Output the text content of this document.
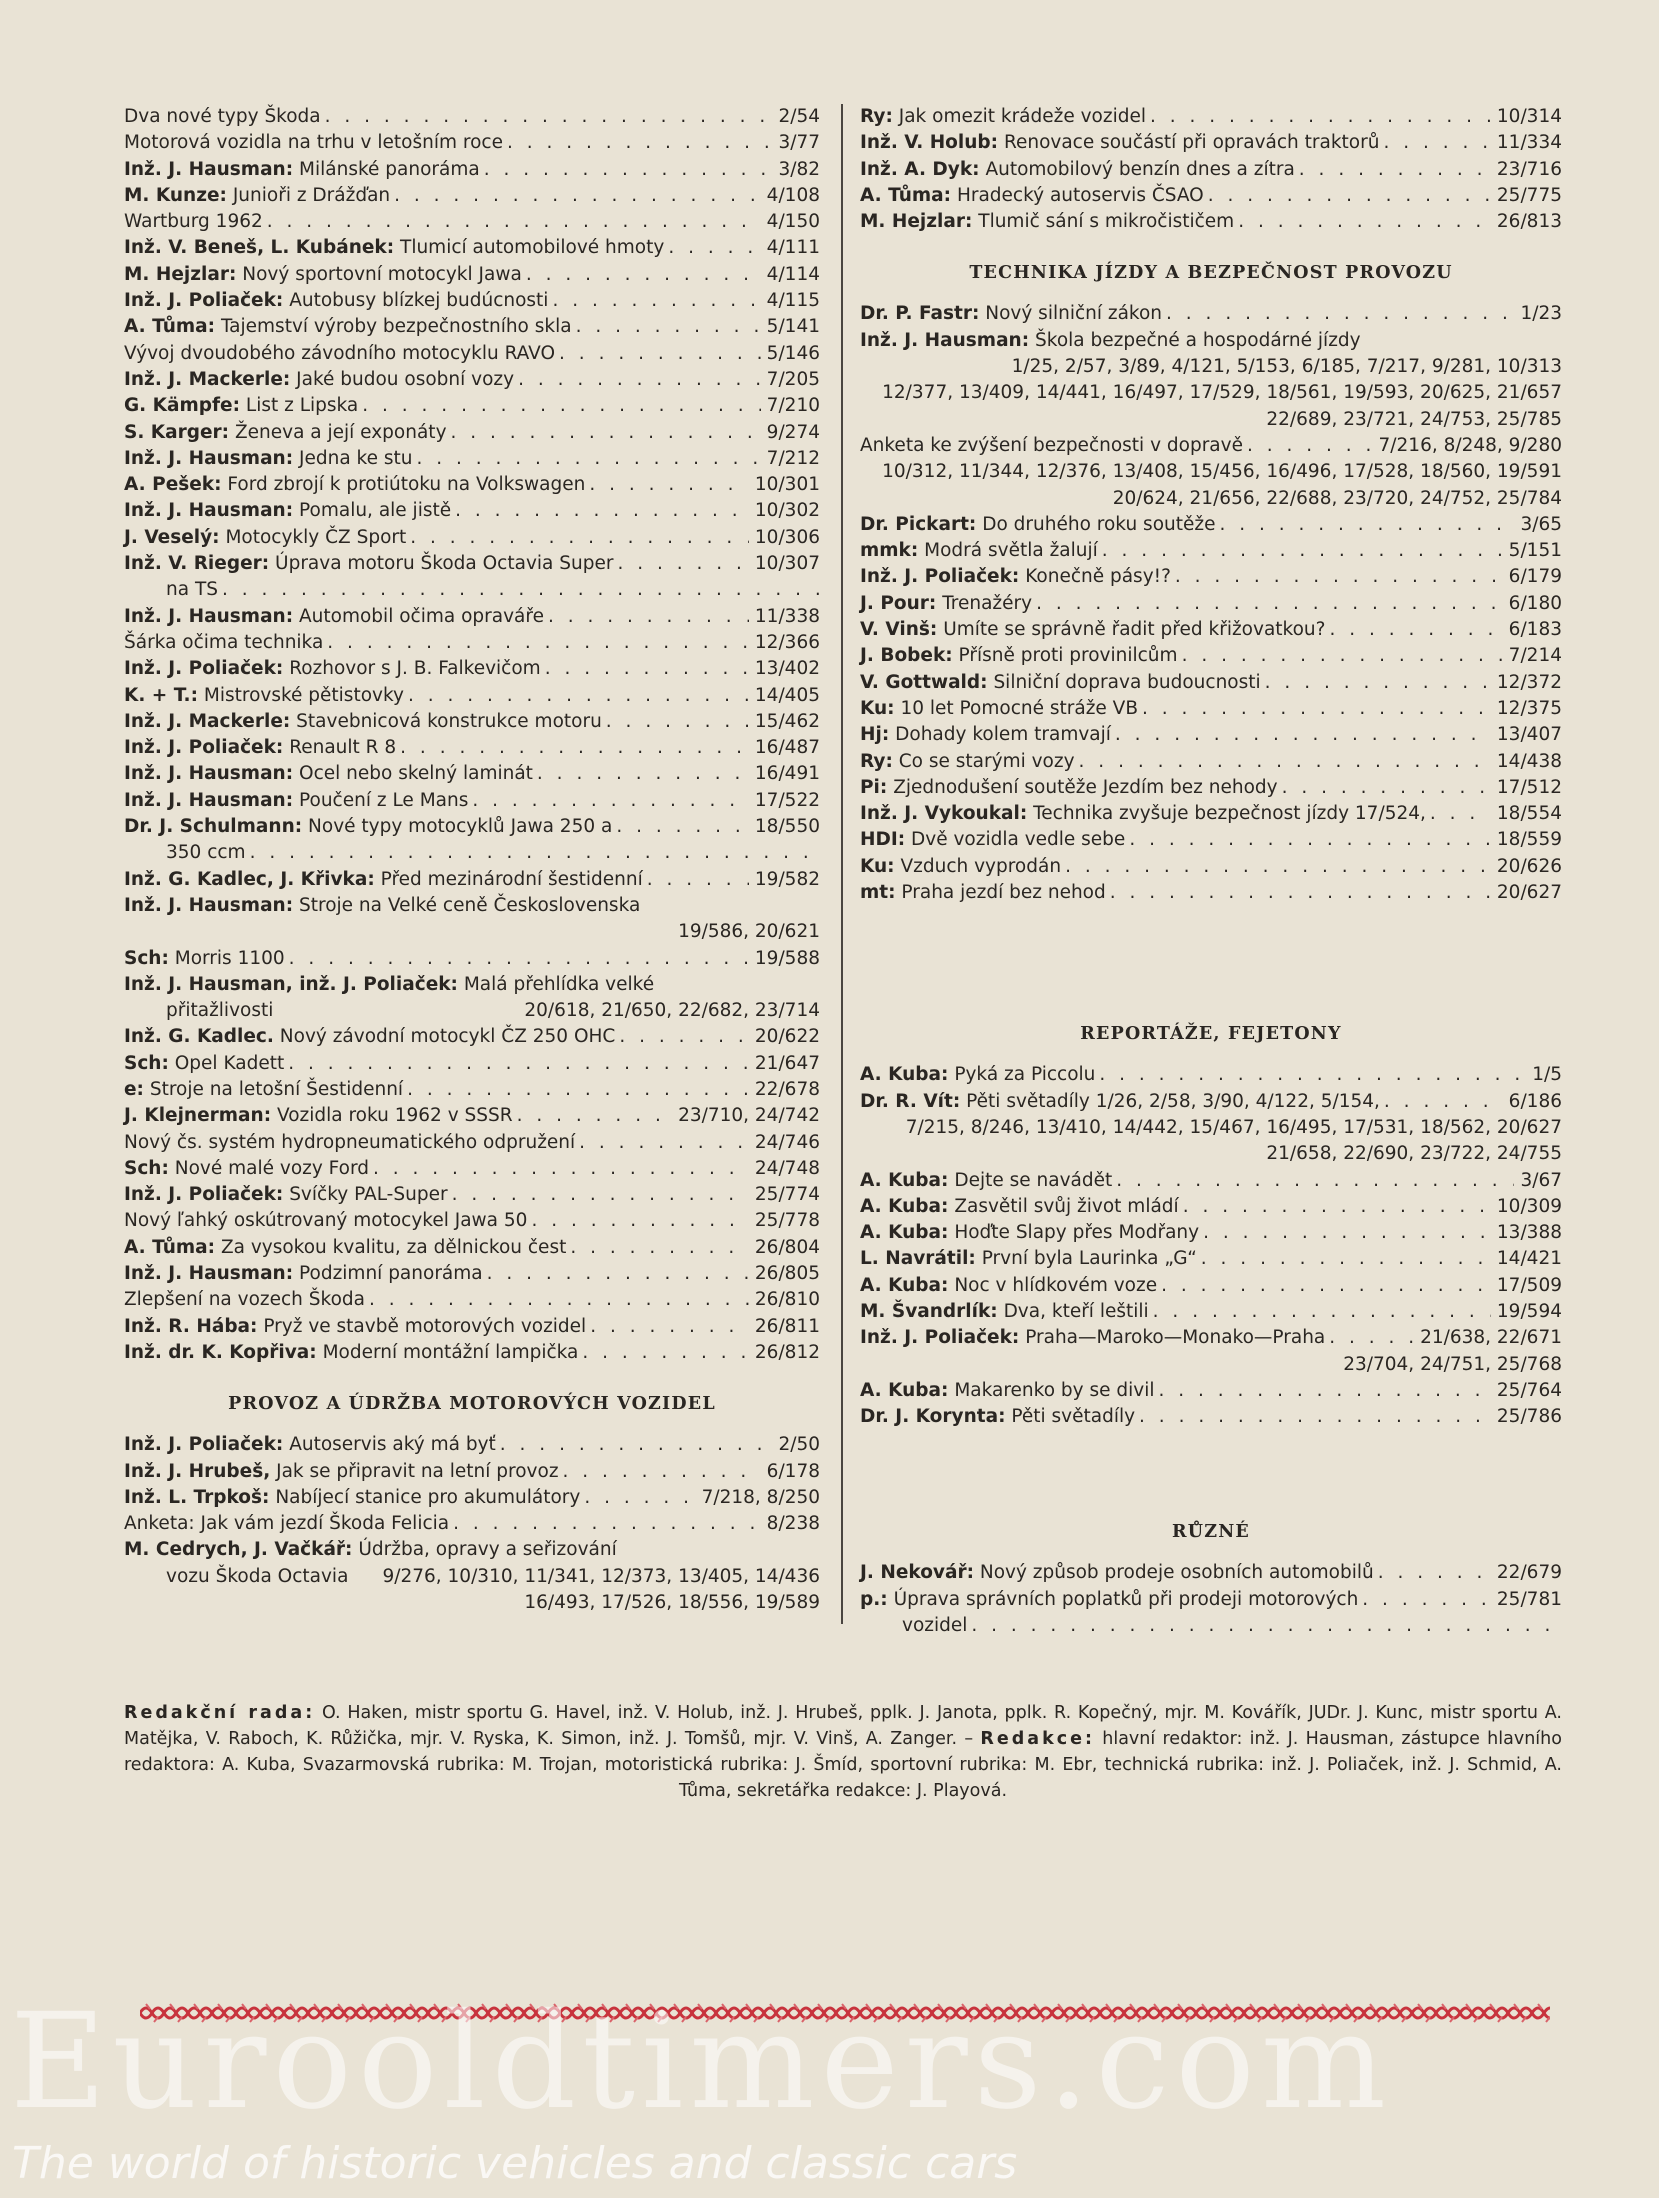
Dva nové typy Škoda . . .	2/54
Motorová vozidla na trhu v letošním roce . . .	3/77
Inž. J. Hausman: Milánské panoráma . . .	3/82
M. Kunze: Junioři z Drážďan . . .	4/108
Wartburg 1962 . . .	4/150
Inž. V. Beneš, L. Kubánek: Tlumicí automobilové hmoty . . .	4/111
M. Hejzlar: Nový sportovní motocykl Jawa . . .	4/114
Inž. J. Poliaček: Autobusy blízkej budúcnosti . . .	4/115
A. Tůma: Tajemství výroby bezpečnostního skla . . .	5/141
Vývoj dvoudobého závodního motocyklu RAVO . . .	5/146
Inž. J. Mackerle: Jaké budou osobní vozy . . .	7/205
G. Kämpfe: List z Lipska . . .	7/210
S. Karger: Ženeva a její exponáty . . .	9/274
Inž. J. Hausman: Jedna ke stu . . .	7/212
A. Pešek: Ford zbrojí k protiútoku na Volkswagen . . .	10/301
Inž. J. Hausman: Pomalu, ale jistě . . .	10/302
J. Veselý: Motocykly ČZ Sport . . .	10/306
Inž. V. Rieger: Úprava motoru Škoda Octavia Super . . .	10/307
na TS
. . .
Inž. J. Hausman: Automobil očima opraváře . . .	11/338
Šárka očima technika . . .	12/366
Inž. J. Poliaček: Rozhovor s J. B. Falkevičom . . .	13/402
K. + T.: Mistrovské pětistovky . . .	14/405
Inž. J. Mackerle: Stavebnicová konstrukce motoru . . .	15/462
Inž. J. Poliaček: Renault R 8 . . .	16/487
Inž. J. Hausman: Ocel nebo skelný laminát . . .	16/491
Inž. J. Hausman: Poučení z Le Mans . . .	17/522
Dr. J. Schulmann: Nové typy motocyklů Jawa 250 a . . .	18/550
350 ccm
. . .
Inž. G. Kadlec, J. Křivka: Před mezinárodní šestidenní . . .	19/582
Inž. J. Hausman: Stroje na Velké ceně Československa
19/586, 20/621
Sch: Morris 1100 . . .	19/588
Inž. J. Hausman, inž. J. Poliaček: Malá přehlídka velké
přitažlivosti	20/618, 21/650, 22/682, 23/714
Inž. G. Kadlec. Nový závodní motocykl ČZ 250 OHC . . .	20/622
Sch: Opel Kadett . . .	21/647
e: Stroje na letošní Šestidenní . . .	22/678
J. Klejnerman: Vozidla roku 1962 v SSSR . . .	23/710, 24/742
Nový čs. systém hydropneumatického odpružení . . .	24/746
Sch: Nové malé vozy Ford . . .	24/748
Inž. J. Poliaček: Svíčky PAL-Super . . .	25/774
Nový ľahký oskútrovaný motocykel Jawa 50 . . .	25/778
A. Tůma: Za vysokou kvalitu, za dělnickou čest . . .	26/804
Inž. J. Hausman: Podzimní panoráma . . .	26/805
Zlepšení na vozech Škoda . . .	26/810
Inž. R. Hába: Pryž ve stavbě motorových vozidel . . .	26/811
Inž. dr. K. Kopřiva: Moderní montážní lampička . . .	26/812
PROVOZ A ÚDRŽBA MOTOROVÝCH VOZIDEL
Inž. J. Poliaček: Autoservis aký má byť . . .	2/50
Inž. J. Hrubeš, Jak se připravit na letní provoz . . .	6/178
Inž. L. Trpkoš: Nabíjecí stanice pro akumulátory . . .	7/218, 8/250
Anketa: Jak vám jezdí Škoda Felicia . . .	8/238
M. Cedrych, J. Vačkář: Údržba, opravy a seřizování
vozu Škoda Octavia	9/276, 10/310, 11/341, 12/373, 13/405, 14/436
16/493, 17/526, 18/556, 19/589
Ry: Jak omezit krádeže vozidel . . .	10/314
Inž. V. Holub: Renovace součástí při opravách traktorů . . .	11/334
Inž. A. Dyk: Automobilový benzín dnes a zítra . . .	23/716
A. Tůma: Hradecký autoservis ČSAO . . .	25/775
M. Hejzlar: Tlumič sání s mikročističem . . .	26/813
TECHNIKA JÍZDY A BEZPEČNOST PROVOZU
Dr. P. Fastr: Nový silniční zákon . . .	1/23
Inž. J. Hausman: Škola bezpečné a hospodárné jízdy
1/25, 2/57, 3/89, 4/121, 5/153, 6/185, 7/217, 9/281, 10/313
12/377, 13/409, 14/441, 16/497, 17/529, 18/561, 19/593, 20/625, 21/657
22/689, 23/721, 24/753, 25/785
Anketa ke zvýšení bezpečnosti v dopravě . . .	7/216, 8/248, 9/280
10/312, 11/344, 12/376, 13/408, 15/456, 16/496, 17/528, 18/560, 19/591
20/624, 21/656, 22/688, 23/720, 24/752, 25/784
Dr. Pickart: Do druhého roku soutěže . . .	3/65
mmk: Modrá světla žalují . . .	5/151
Inž. J. Poliaček: Konečně pásy!? . . .	6/179
J. Pour: Trenažéry . . .	6/180
V. Vinš: Umíte se správně řadit před křižovatkou? . . .	6/183
J. Bobek: Přísně proti provinilcům . . .	7/214
V. Gottwald: Silniční doprava budoucnosti . . .	12/372
Ku: 10 let Pomocné stráže VB . . .	12/375
Hj: Dohady kolem tramvají . . .	13/407
Ry: Co se starými vozy . . .	14/438
Pi: Zjednodušení soutěže Jezdím bez nehody . . .	17/512
Inž. J. Vykoukal: Technika zvyšuje bezpečnost jízdy 17/524, . . .	18/554
HDI: Dvě vozidla vedle sebe . . .	18/559
Ku: Vzduch vyprodán . . .	20/626
mt: Praha jezdí bez nehod . . .	20/627
REPORTÁŽE, FEJETONY
A. Kuba: Pyká za Piccolu . . .	1/5
Dr. R. Vít: Pěti světadíly 1/26, 2/58, 3/90, 4/122, 5/154, . . .	6/186
7/215, 8/246, 13/410, 14/442, 15/467, 16/495, 17/531, 18/562, 20/627
21/658, 22/690, 23/722, 24/755
A. Kuba: Dejte se navádět . . .	3/67
A. Kuba: Zasvětil svůj život mládí . . .	10/309
A. Kuba: Hoďte Slapy přes Modřany . . .	13/388
L. Navrátil: První byla Laurinka „G“ . . .	14/421
A. Kuba: Noc v hlídkovém voze . . .	17/509
M. Švandrlík: Dva, kteří leštili . . .	19/594
Inž. J. Poliaček: Praha—Maroko—Monako—Praha . . .	21/638, 22/671
23/704, 24/751, 25/768
A. Kuba: Makarenko by se divil . . .	25/764
Dr. J. Korynta: Pěti světadíly . . .	25/786
RŮZNÉ
J. Nekovář: Nový způsob prodeje osobních automobilů . . .	22/679
p.: Úprava správních poplatků při prodeji motorových . . .	25/781
vozidel
. . .
Redakční rada: O. Haken, mistr sportu G. Havel, inž. V. Holub, inž. J. Hrubeš, pplk. J. Janota, pplk. R. Kopečný, mjr. M. Kovářík, JUDr. J. Kunc, mistr sportu A. Matějka, V. Raboch, K. Růžička, mjr. V. Ryska, K. Simon, inž. J. Tomšů, mjr. V. Vinš, A. Zanger. – Redakce: hlavní redaktor: inž. J. Hausman, zástupce hlavního redaktora: A. Kuba, Svazarmovská rubrika: M. Trojan, motoristická rubrika: J. Šmíd, sportovní rubrika: M. Ebr, technická rubrika: inž. J. Poliaček, inž. J. Schmid, A. Tůma, sekretářka redakce: J. Playová.
Eurooldtimers.com
The world of historic vehicles and classic cars
